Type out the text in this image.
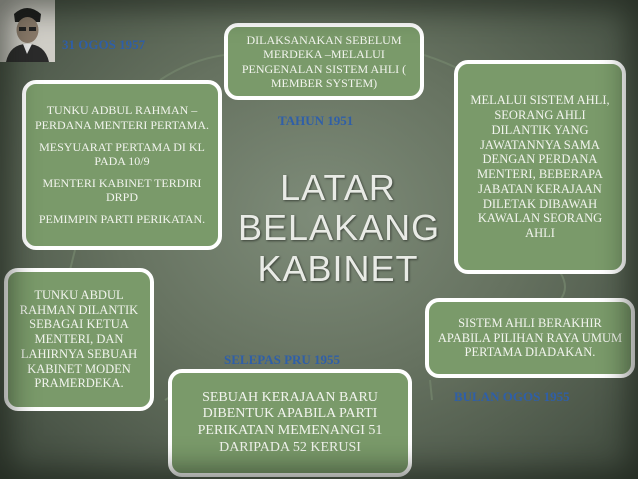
31 OGOS 1957
TAHUN 1951
SELEPAS PRU 1955
BULAN OGOS 1955

DILAKSANAKAN SEBELUM MERDEKA –MELALUI PENGENALAN SISTEM AHLI ( MEMBER SYSTEM)

MELALUI SISTEM AHLI, SEORANG AHLI DILANTIK YANG JAWATANNYA SAMA DENGAN PERDANA MENTERI, BEBERAPA JABATAN KERAJAAN DILETAK DIBAWAH KAWALAN SEORANG AHLI

TUNKU ADBUL RAHMAN – PERDANA MENTERI PERTAMA.

MESYUARAT PERTAMA DI KL PADA 10/9

MENTERI KABINET TERDIRI DRPD

PEMIMPIN PARTI PERIKATAN.

TUNKU ABDUL RAHMAN DILANTIK SEBAGAI KETUA MENTERI, DAN LAHIRNYA SEBUAH KABINET MODEN PRAMERDEKA.

SISTEM AHLI BERAKHIR APABILA PILIHAN RAYA UMUM PERTAMA DIADAKAN.

SEBUAH KERAJAAN BARU DIBENTUK APABILA PARTI PERIKATAN MEMENANGI 51 DARIPADA 52 KERUSI

LATAR
BELAKANG
KABINET
